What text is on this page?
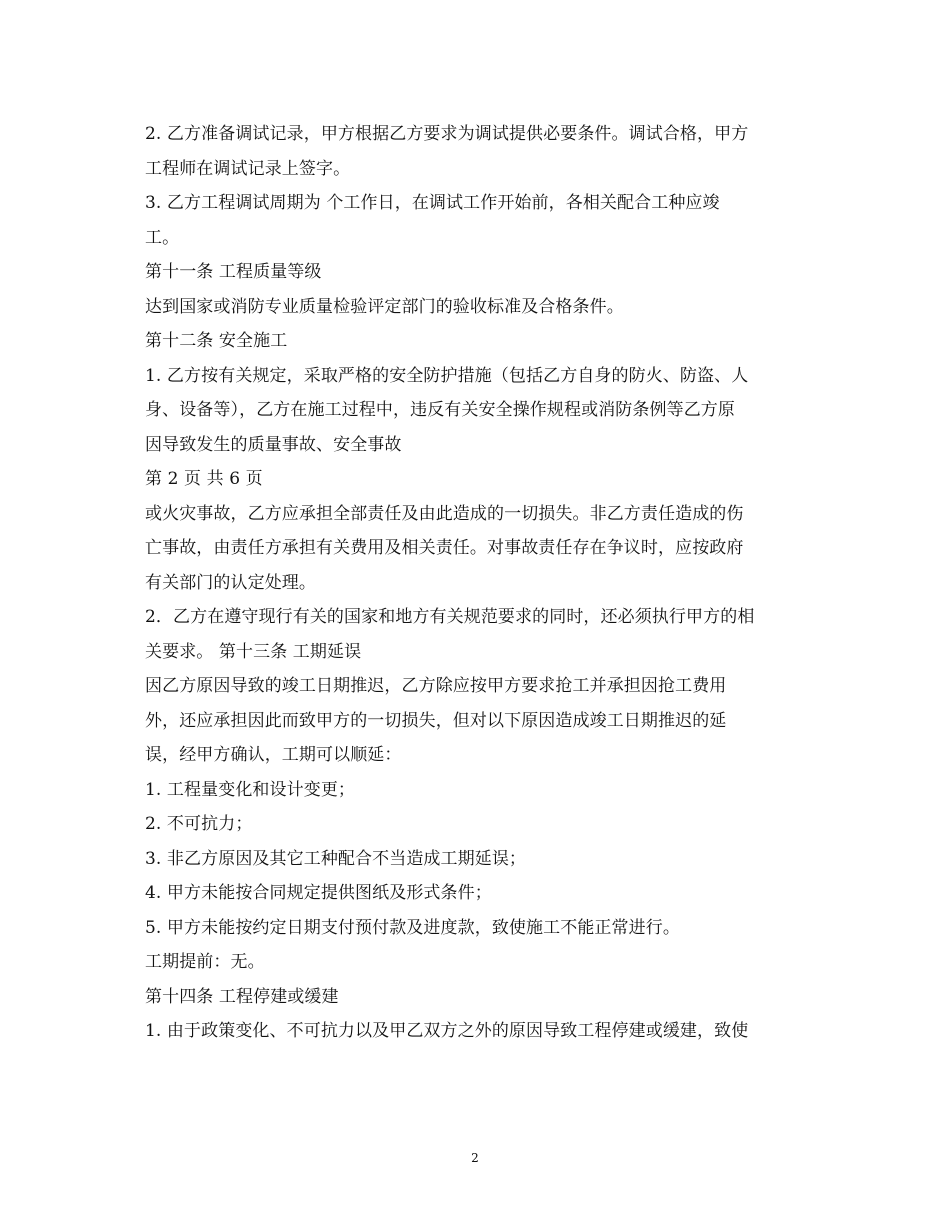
2. 乙方准备调试记录，甲方根据乙方要求为调试提供必要条件。调试合格，甲方
工程师在调试记录上签字。
3. 乙方工程调试周期为 个工作日，在调试工作开始前，各相关配合工种应竣
工。
第十一条 工程质量等级
达到国家或消防专业质量检验评定部门的验收标准及合格条件。
第十二条 安全施工
1. 乙方按有关规定，采取严格的安全防护措施（包括乙方自身的防火、防盗、人
身、设备等），乙方在施工过程中，违反有关安全操作规程或消防条例等乙方原
因导致发生的质量事故、安全事故
第 2 页 共 6 页
或火灾事故，乙方应承担全部责任及由此造成的一切损失。非乙方责任造成的伤
亡事故，由责任方承担有关费用及相关责任。对事故责任存在争议时，应按政府
有关部门的认定处理。
2．乙方在遵守现行有关的国家和地方有关规范要求的同时，还必须执行甲方的相
关要求。 第十三条 工期延误
因乙方原因导致的竣工日期推迟，乙方除应按甲方要求抢工并承担因抢工费用
外，还应承担因此而致甲方的一切损失，但对以下原因造成竣工日期推迟的延
误，经甲方确认，工期可以顺延：
1. 工程量变化和设计变更；
2. 不可抗力；
3. 非乙方原因及其它工种配合不当造成工期延误；
4. 甲方未能按合同规定提供图纸及形式条件；
5. 甲方未能按约定日期支付预付款及进度款，致使施工不能正常进行。
工期提前：无。
第十四条 工程停建或缓建
1. 由于政策变化、不可抗力以及甲乙双方之外的原因导致工程停建或缓建，致使
2
